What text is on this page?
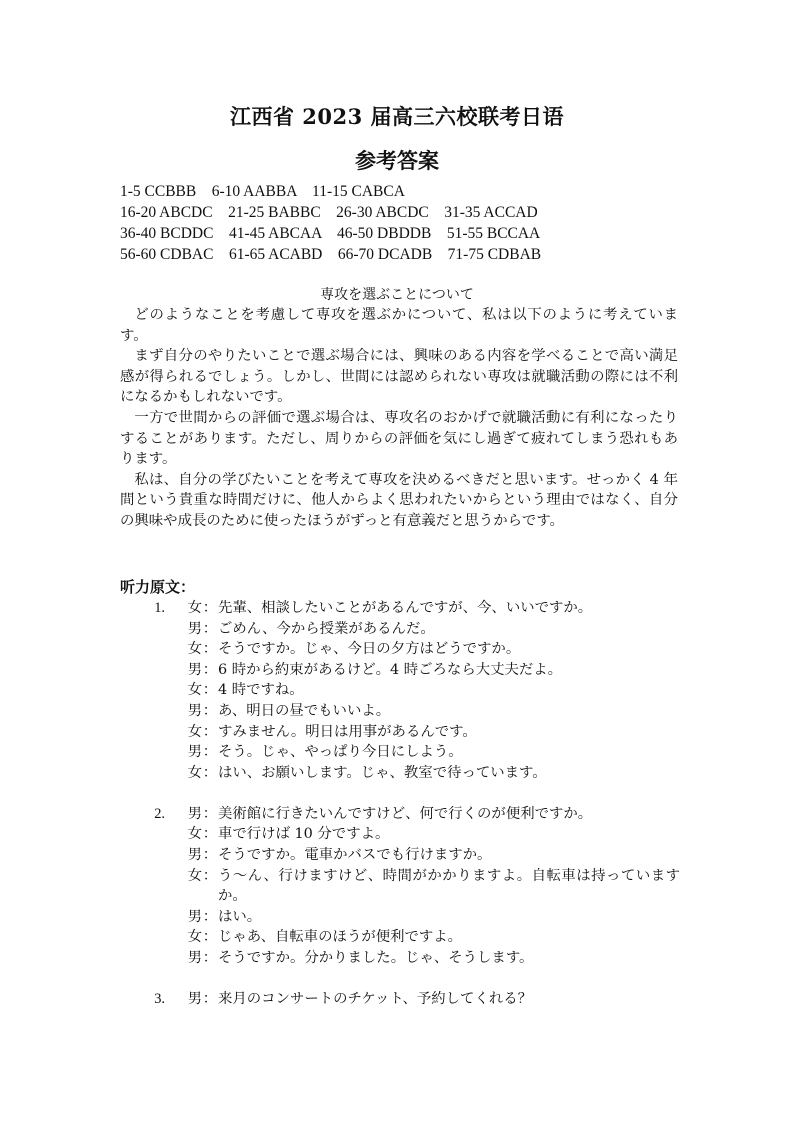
江西省 2023 届高三六校联考日语
参考答案
1-5 CCBBB    6-10 AABBA    11-15 CABCA
16-20 ABCDC    21-25 BABBC    26-30 ABCDC    31-35 ACCAD
36-40 BCDDC    41-45 ABCAA    46-50 DBDDB    51-55 BCCAA
56-60 CDBAC    61-65 ACABD    66-70 DCADB    71-75 CDBAB
専攻を選ぶことについて

どのようなことを考慮して専攻を選ぶかについて、私は以下のように考えています。

まず自分のやりたいことで選ぶ場合には、興味のある内容を学べることで高い満足感が得られるでしょう。しかし、世間には認められない専攻は就職活動の際には不利になるかもしれないです。

一方で世間からの評価で選ぶ場合は、専攻名のおかげで就職活動に有利になったりすることがあります。ただし、周りからの評価を気にし過ぎて疲れてしまう恐れもあります。

私は、自分の学びたいことを考えて専攻を決めるべきだと思います。せっかく 4 年間という貴重な時間だけに、他人からよく思われたいからという理由ではなく、自分の興味や成長のために使ったほうがずっと有意義だと思うからです。

听力原文：
1.	女 ： 先輩、相談したいことがあるんですが、今、いいですか。
男 ： ごめん、今から授業があるんだ。
女 ： そうですか。じゃ、今日の夕方はどうですか。
男 ： 6 時から約束があるけど。4 時ごろなら大丈夫だよ。
女 ： 4 時ですね。
男 ： あ、明日の昼でもいいよ。
女 ： すみません。明日は用事があるんです。
男 ： そう。じゃ、やっぱり今日にしよう。
女 ： はい、お願いします。じゃ、教室で待っています。
2.	男 ： 美術館に行きたいんですけど、何で行くのが便利ですか。
女 ： 車で行けば 10 分ですよ。
男 ： そうですか。電車かバスでも行けますか。
女 ： う～ん、行けますけど、時間がかかりますよ。自転車は持っていますか。
男 ： はい。
女 ： じゃあ、自転車のほうが便利ですよ。
男 ： そうですか。分かりました。じゃ、そうします。
3.	男 ： 来月のコンサートのチケット、予約してくれる？
